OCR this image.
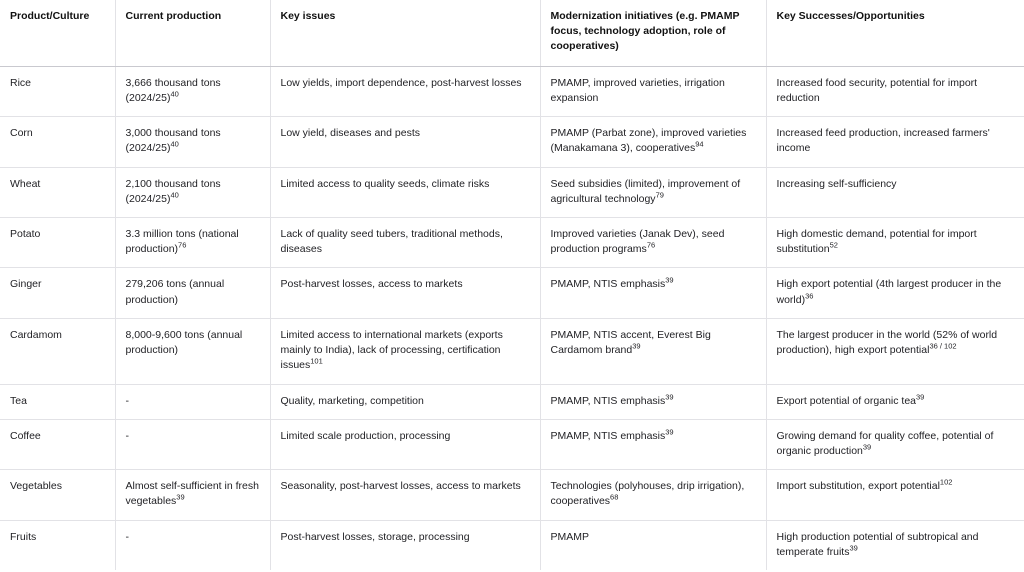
Product/Culture	Current production	Key issues	Modernization initiatives (e.g. PMAMP focus, technology adoption, role of cooperatives)	Key Successes/Opportunities

Rice	3,666 thousand tons $(2024/25)^{40}$	Low yields, import dependence, post-harvest losses	PMAMP, improved varieties, irrigation expansion	Increased food security, potential for import reduction

Corn	3,000 thousand tons $(2024/25)^{40}$	Low yield, diseases and pests	PMAMP (Parbat zone), improved varieties (Manakamana 3), cooperatives$^{94}$	Increased feed production, increased farmers' income

Wheat	2,100 thousand tons $(2024/25)^{40}$	Limited access to quality seeds, climate risks	Seed subsidies (limited), improvement of agricultural technology$^{79}$	Increasing self-sufficiency

Potato	3.3 million tons (national production)$^{76}$	Lack of quality seed tubers, traditional methods, diseases	Improved varieties (Janak Dev), seed production programs$^{76}$	High domestic demand, potential for import substitution$^{52}$

Ginger	279,206 tons (annual production)	Post-harvest losses, access to markets	PMAMP, NTIS emphasis$^{39}$	High export potential (4th largest producer in the world)$^{36}$

Cardamom	8,000-9,600 tons (annual production)	Limited access to international markets (exports mainly to India), lack of processing, certification issues$^{101}$	PMAMP, NTIS accent, Everest Big Cardamom brand$^{39}$	The largest producer in the world (52% of world production), high export potential$^{36 / 102}$

Tea	-	Quality, marketing, competition	PMAMP, NTIS emphasis$^{39}$	Export potential of organic tea$^{39}$

Coffee	-	Limited scale production, processing	PMAMP, NTIS emphasis$^{39}$	Growing demand for quality coffee, potential of organic production$^{39}$

Vegetables	Almost self-sufficient in fresh vegetables$^{39}$	Seasonality, post-harvest losses, access to markets	Technologies (polyhouses, drip irrigation), cooperatives$^{68}$	Import substitution, export potential$^{102}$

Fruits	-	Post-harvest losses, storage, processing	PMAMP	High production potential of subtropical and temperate fruits$^{39}$
